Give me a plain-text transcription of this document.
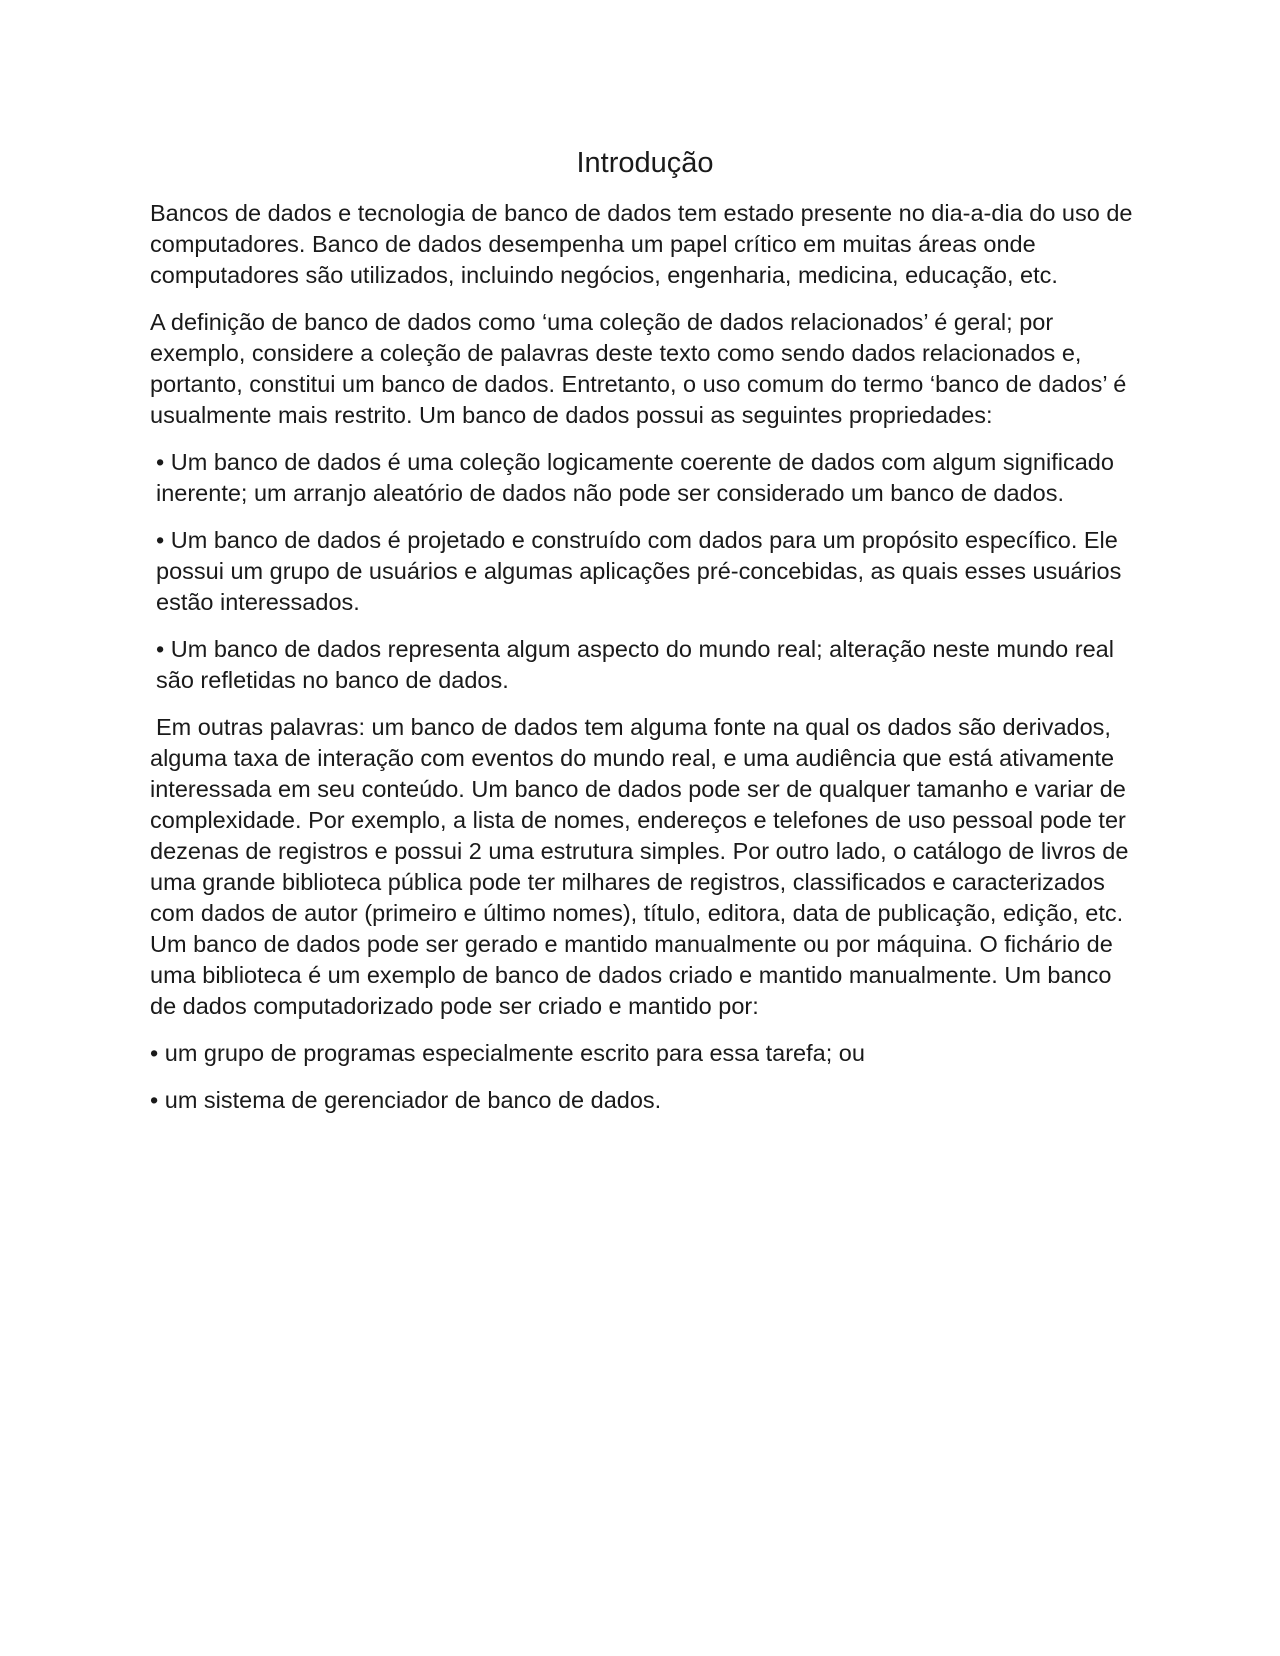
Introdução

Bancos de dados e tecnologia de banco de dados tem estado presente no dia-a-dia do uso de computadores. Banco de dados desempenha um papel crítico em muitas áreas onde computadores são utilizados, incluindo negócios, engenharia, medicina, educação, etc.

A definição de banco de dados como ‘uma coleção de dados relacionados’ é geral; por exemplo, considere a coleção de palavras deste texto como sendo dados relacionados e, portanto, constitui um banco de dados. Entretanto, o uso comum do termo ‘banco de dados’ é usualmente mais restrito. Um banco de dados possui as seguintes propriedades:

• Um banco de dados é uma coleção logicamente coerente de dados com algum significado inerente; um arranjo aleatório de dados não pode ser considerado um banco de dados.

• Um banco de dados é projetado e construído com dados para um propósito específico. Ele possui um grupo de usuários e algumas aplicações pré-concebidas, as quais esses usuários estão interessados.

• Um banco de dados representa algum aspecto do mundo real; alteração neste mundo real são refletidas no banco de dados.

Em outras palavras: um banco de dados tem alguma fonte na qual os dados são derivados, alguma taxa de interação com eventos do mundo real, e uma audiência que está ativamente interessada em seu conteúdo. Um banco de dados pode ser de qualquer tamanho e variar de complexidade. Por exemplo, a lista de nomes, endereços e telefones de uso pessoal pode ter dezenas de registros e possui 2 uma estrutura simples. Por outro lado, o catálogo de livros de uma grande biblioteca pública pode ter milhares de registros, classificados e caracterizados com dados de autor (primeiro e último nomes), título, editora, data de publicação, edição, etc. Um banco de dados pode ser gerado e mantido manualmente ou por máquina. O fichário de uma biblioteca é um exemplo de banco de dados criado e mantido manualmente. Um banco de dados computadorizado pode ser criado e mantido por:

• um grupo de programas especialmente escrito para essa tarefa; ou

• um sistema de gerenciador de banco de dados.
